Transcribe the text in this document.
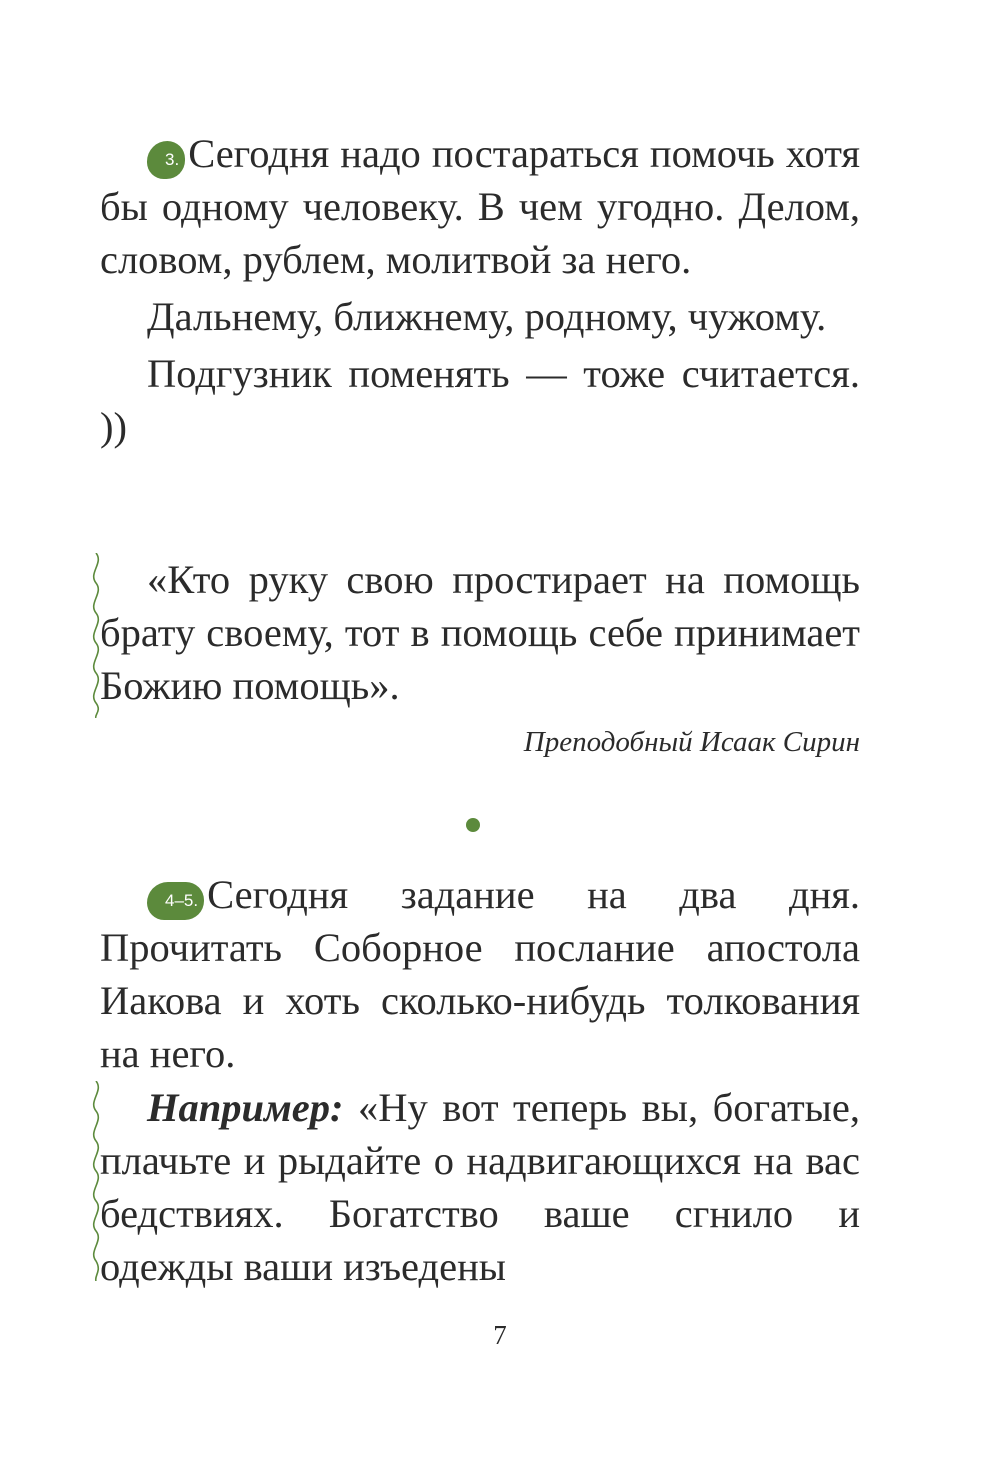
3. Сегодня надо постараться помочь хотя бы одному человеку. В чем угодно. Делом, словом, рублем, молитвой за него.

Дальнему, ближнему, родному, чужому.

Подгузник поменять — тоже считается. ))

«Кто руку свою простирает на помощь брату своему, тот в помощь себе принимает Божию помощь».

Преподобный Исаак Сирин

4–5. Сегодня задание на два дня. Прочитать Соборное послание апостола Иакова и хоть сколько-нибудь толкования на него.

Например: «Ну вот теперь вы, богатые, плачьте и рыдайте о надвигающихся на вас бедствиях. Богатство ваше сгнило и одежды ваши изъедены

7
